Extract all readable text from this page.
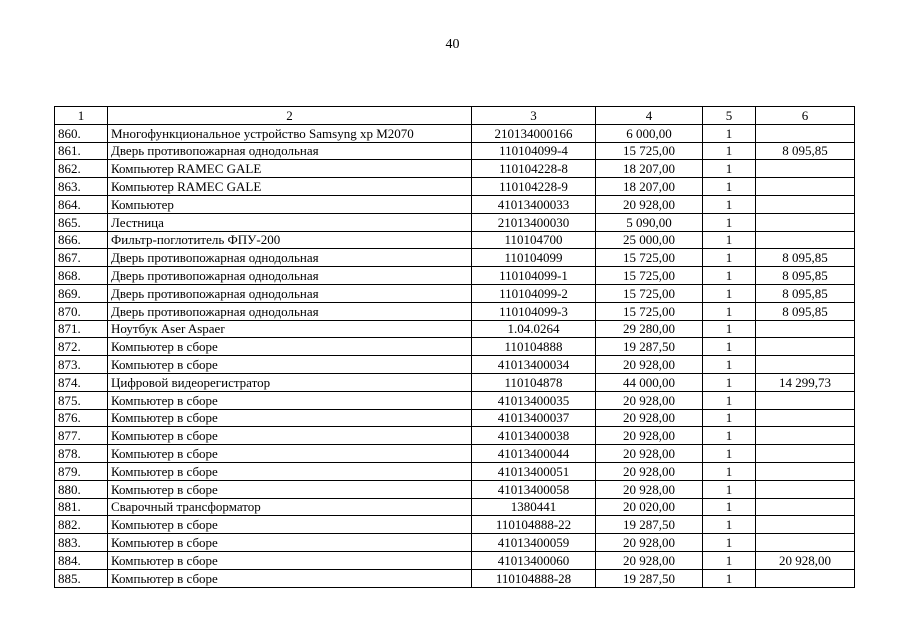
40
1	2	3	4	5	6
860.	Многофункциональное устройство Samsyng xp M2070	210134000166	6 000,00	1	
861.	Дверь противопожарная однодольная	110104099-4	15 725,00	1	8 095,85
862.	Компьютер RAMEC GALE	110104228-8	18 207,00	1	
863.	Компьютер RAMEC GALE	110104228-9	18 207,00	1	
864.	Компьютер	41013400033	20 928,00	1	
865.	Лестница	21013400030	5 090,00	1	
866.	Фильтр-поглотитель ФПУ-200	110104700	25 000,00	1	
867.	Дверь противопожарная однодольная	110104099	15 725,00	1	8 095,85
868.	Дверь противопожарная однодольная	110104099-1	15 725,00	1	8 095,85
869.	Дверь противопожарная однодольная	110104099-2	15 725,00	1	8 095,85
870.	Дверь противопожарная однодольная	110104099-3	15 725,00	1	8 095,85
871.	Ноутбук Aser Aspaer	1.04.0264	29 280,00	1	
872.	Компьютер в сборе	110104888	19 287,50	1	
873.	Компьютер в сборе	41013400034	20 928,00	1	
874.	Цифровой видеорегистратор	110104878	44 000,00	1	14 299,73
875.	Компьютер в сборе	41013400035	20 928,00	1	
876.	Компьютер в сборе	41013400037	20 928,00	1	
877.	Компьютер в сборе	41013400038	20 928,00	1	
878.	Компьютер в сборе	41013400044	20 928,00	1	
879.	Компьютер в сборе	41013400051	20 928,00	1	
880.	Компьютер в сборе	41013400058	20 928,00	1	
881.	Сварочный трансформатор	1380441	20 020,00	1	
882.	Компьютер в сборе	110104888-22	19 287,50	1	
883.	Компьютер в сборе	41013400059	20 928,00	1	
884.	Компьютер в сборе	41013400060	20 928,00	1	20 928,00
885.	Компьютер в сборе	110104888-28	19 287,50	1	
